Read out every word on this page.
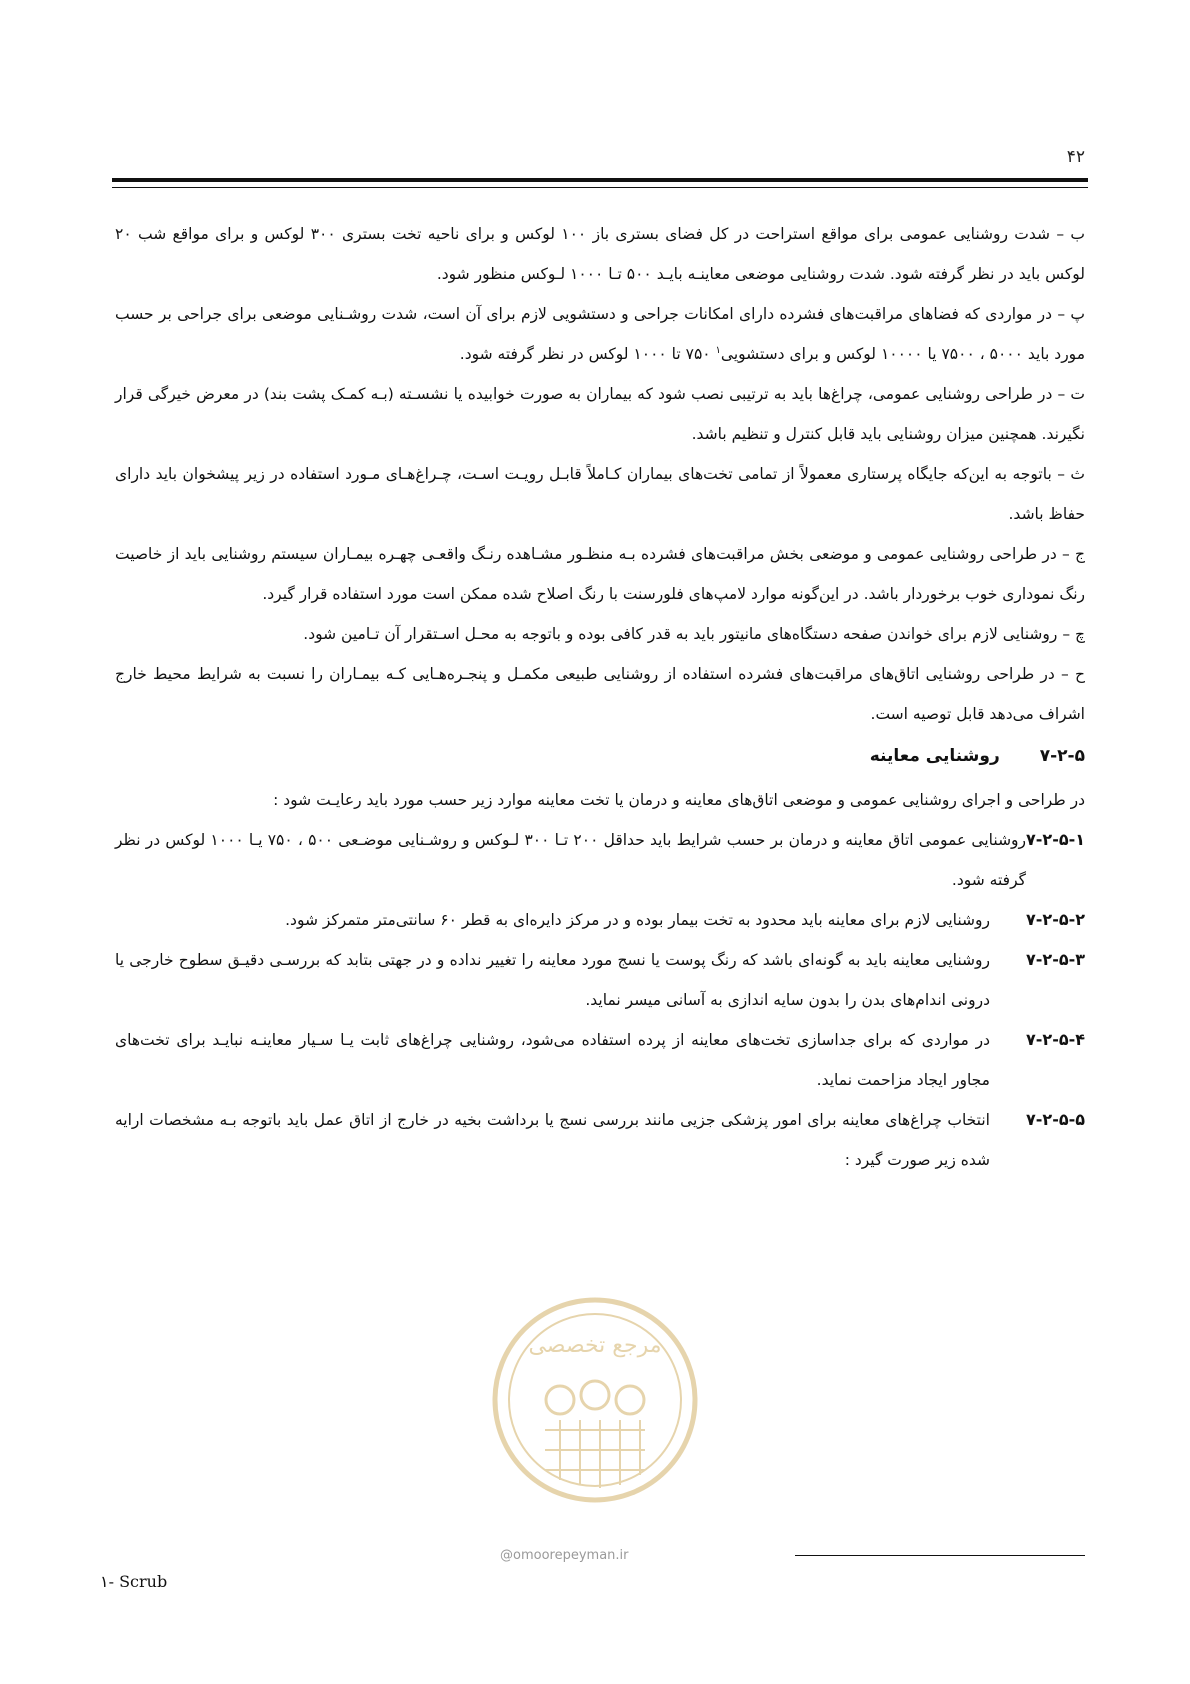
۴۲
مرجع تخصصی

ب – شدت روشنایی عمومی برای مواقع استراحت در کل فضای بستری باز ۱۰۰ لوکس و برای ناحیه تخت بستری ۳۰۰ لوکس و برای مواقع شب ۲۰ لوکس باید در نظر گرفته شود. شدت روشنایی موضعی معاینـه بایـد ۵۰۰ تـا ۱۰۰۰ لـوکس منظور شود.

پ – در مواردی که فضاهای مراقبت‌های فشرده دارای امکانات جراحی و دستشویی لازم برای آن است، شدت روشـنایی موضعی برای جراحی بر حسب مورد باید ۵۰۰۰ ، ۷۵۰۰ یا ۱۰۰۰۰ لوکس و برای دستشویی$^۱$ ۷۵۰ تا ۱۰۰۰ لوکس در نظر گرفته شود.

ت – در طراحی روشنایی عمومی، چراغ‌ها باید به ترتیبی نصب شود که بیماران به صورت خوابیده یا نشسـته (بـه کمـک پشت بند) در معرض خیرگی قرار نگیرند. همچنین میزان روشنایی باید قابل کنترل و تنظیم باشد.

ث – باتوجه به این‌که جایگاه پرستاری معمولاً از تمامی تخت‌های بیماران کـاملاً قابـل رویـت اسـت، چـراغ‌هـای مـورد استفاده در زیر پیشخوان باید دارای حفاظ باشد.

ج – در طراحی روشنایی عمومی و موضعی بخش مراقبت‌های فشرده بـه منظـور مشـاهده رنـگ واقعـی چهـره بیمـاران سیستم روشنایی باید از خاصیت رنگ نموداری خوب برخوردار باشد. در این‌گونه موارد لامپ‌های فلورسنت با رنگ اصلاح شده ممکن است مورد استفاده قرار گیرد.

چ – روشنایی لازم برای خواندن صفحه دستگاه‌های مانیتور باید به قدر کافی بوده و باتوجه به محـل اسـتقرار آن تـامین شود.

ح – در طراحی روشنایی اتاق‌های مراقبت‌های فشرده استفاده از روشنایی طبیعی مکمـل و پنجـره‌هـایی کـه بیمـاران را نسبت به شرایط محیط خارج اشراف می‌دهد قابل توصیه است.

۷-۲-۵
روشنایی معاینه

در طراحی و اجرای روشنایی عمومی و موضعی اتاق‌های معاینه و درمان یا تخت معاینه موارد زیر حسب مورد باید رعایـت شود :

۷-۲-۵-۱
روشنایی عمومی اتاق معاینه و درمان بر حسب شرایط باید حداقل ۲۰۰ تـا ۳۰۰ لـوکس و روشـنایی موضـعی ۵۰۰ ، ۷۵۰ یـا ۱۰۰۰ لوکس در نظر گرفته شود.
۷-۲-۵-۲
روشنایی لازم برای معاینه باید محدود به تخت بیمار بوده و در مرکز دایره‌ای به قطر ۶۰ سانتی‌متر متمرکز شود.
۷-۲-۵-۳
روشنایی معاینه باید به گونه‌ای باشد که رنگ پوست یا نسج مورد معاینه را تغییر نداده و در جهتی بتابد که بررسـی دقیـق سطوح خارجی یا درونی اندام‌های بدن را بدون سایه اندازی به آسانی میسر نماید.
۷-۲-۵-۴
در مواردی که برای جداسازی تخت‌های معاینه از پرده استفاده می‌شود، روشنایی چراغ‌های ثابت یـا سـیار معاینـه نبایـد برای تخت‌های مجاور ایجاد مزاحمت نماید.
۷-۲-۵-۵
انتخاب چراغ‌های معاینه برای امور پزشکی جزیی مانند بررسی نسج یا برداشت بخیه در خارج از اتاق عمل باید باتوجه بـه مشخصات ارایه شده زیر صورت گیرد :
@omoorepeyman.ir
۱- Scrub
